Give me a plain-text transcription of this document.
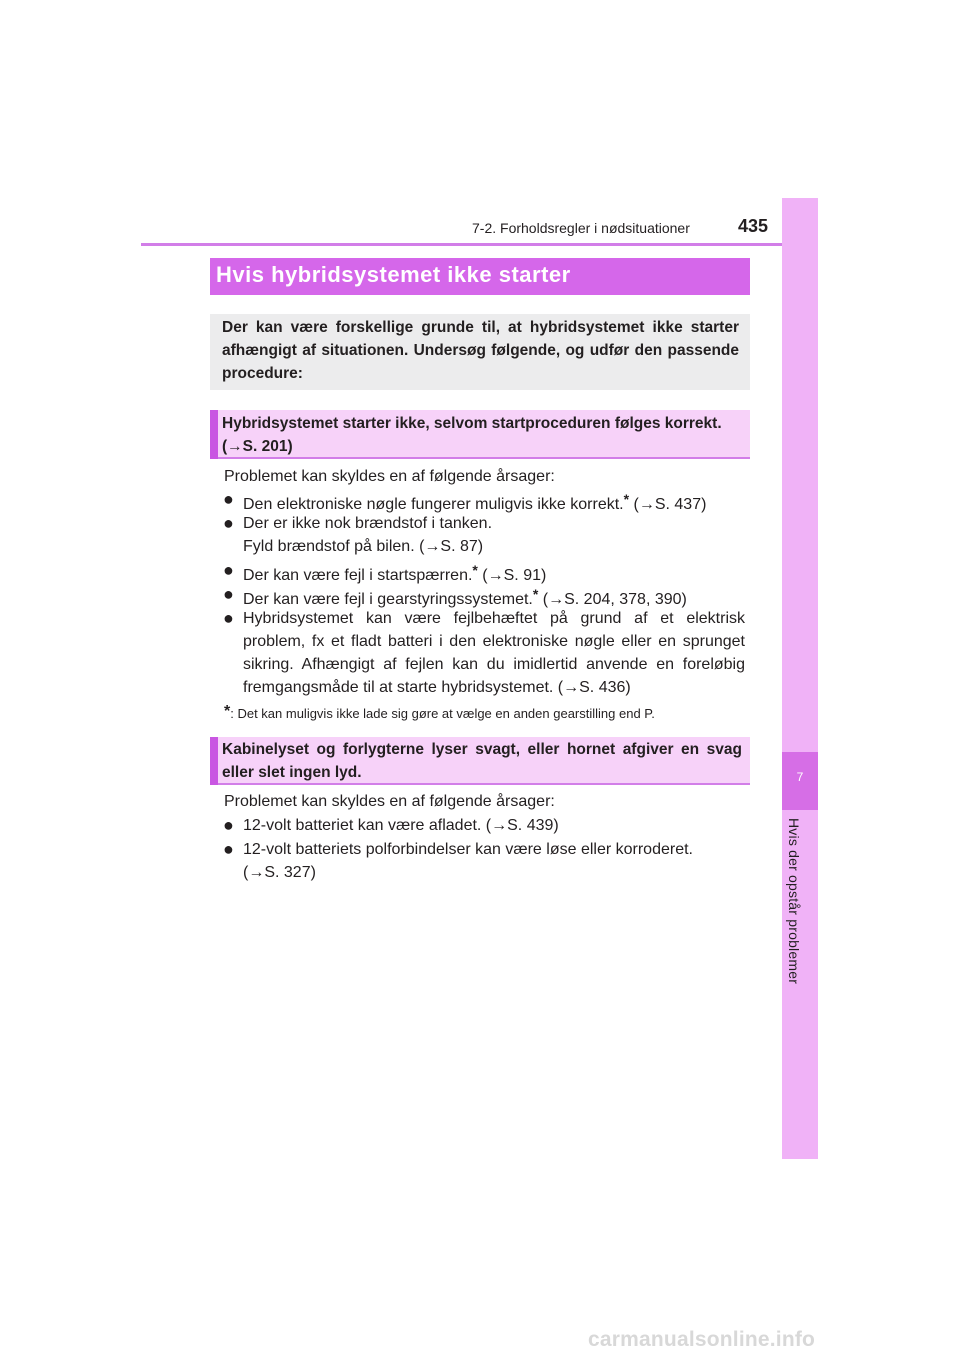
7-2. Forholdsregler i nødsituationer	435
7
Hvis der opstår problemer
Hvis hybridsystemet ikke starter
Der kan være forskellige grunde til, at hybridsystemet ikke starter afhængigt af situationen. Undersøg følgende, og udfør den passende procedure:
Hybridsystemet starter ikke, selvom startproceduren følges korrekt.
(→S. 201)
Problemet kan skyldes en af følgende årsager:
● Den elektroniske nøgle fungerer muligvis ikke korrekt.* (→S. 437)
● Der er ikke nok brændstof i tanken.
Fyld brændstof på bilen. (→S. 87)
● Der kan være fejl i startspærren.* (→S. 91)
● Der kan være fejl i gearstyringssystemet.* (→S. 204, 378, 390)
● Hybridsystemet kan være fejlbehæftet på grund af et elektrisk problem, fx et fladt batteri i den elektroniske nøgle eller en sprunget sikring. Afhængigt af fejlen kan du imidlertid anvende en foreløbig fremgangsmåde til at starte hybridsystemet. (→S. 436)
*: Det kan muligvis ikke lade sig gøre at vælge en anden gearstilling end P.
Kabinelyset og forlygterne lyser svagt, eller hornet afgiver en svag eller slet ingen lyd.
Problemet kan skyldes en af følgende årsager:
● 12-volt batteriet kan være afladet. (→S. 439)
● 12-volt batteriets polforbindelser kan være løse eller korroderet.
(→S. 327)
carmanualsonline.info
